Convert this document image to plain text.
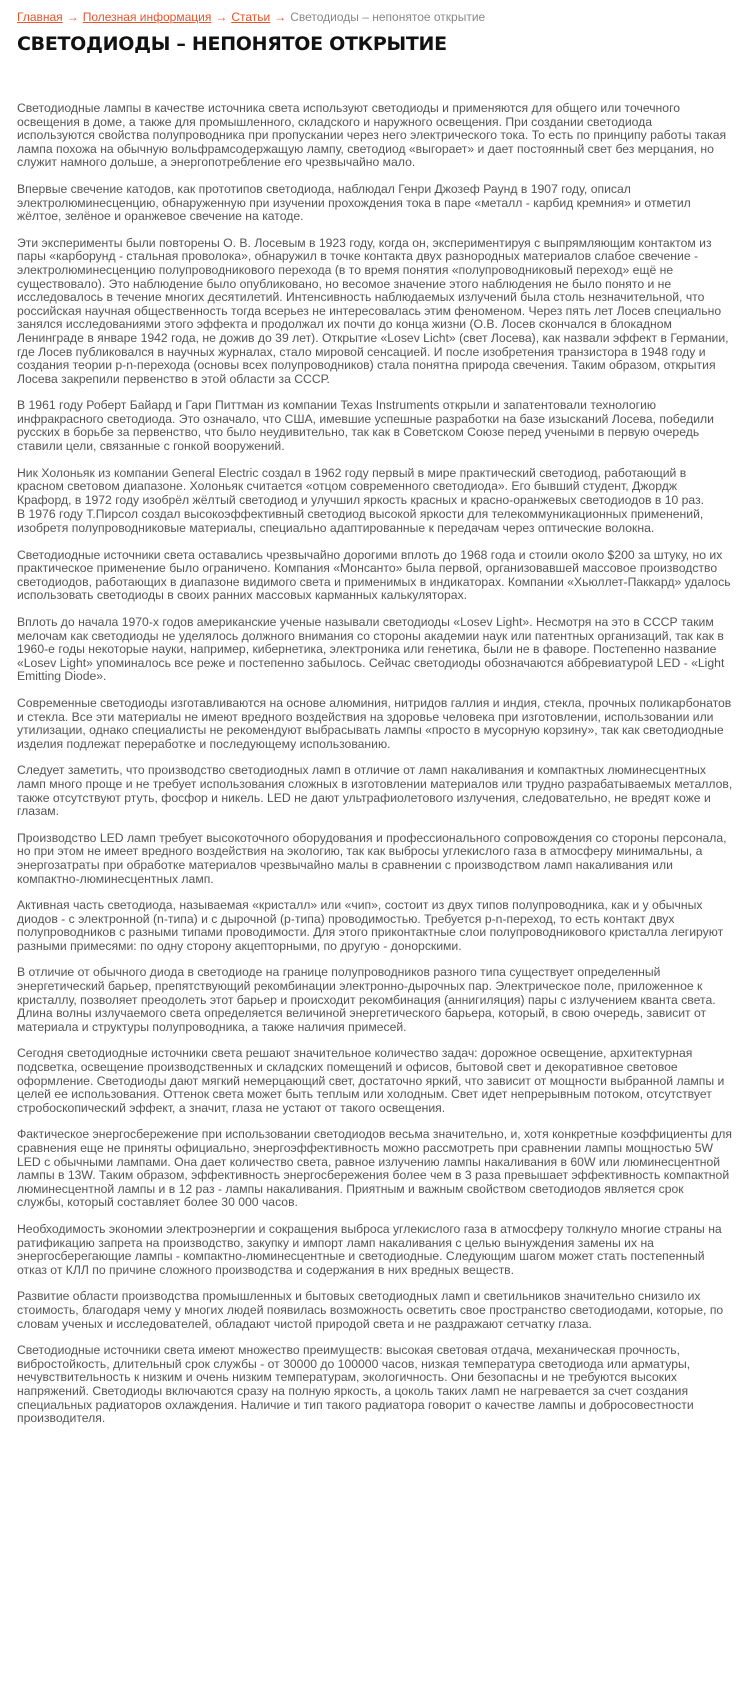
Главная → Полезная информация → Статьи → Светодиоды – непонятое открытие
СВЕТОДИОДЫ – НЕПОНЯТОЕ ОТКРЫТИЕ

Светодиодные лампы в качестве источника света используют светодиоды и применяются для общего или точечного освещения в доме, а также для промышленного, складского и наружного освещения. При создании светодиода используются свойства полупроводника при пропускании через него электрического тока. То есть по принципу работы такая лампа похожа на обычную вольфрамсодержащую лампу, светодиод «выгорает» и дает постоянный свет без мерцания, но служит намного дольше, а энергопотребление его чрезвычайно мало.

Впервые свечение катодов, как прототипов светодиода, наблюдал Генри Джозеф Раунд в 1907 году, описал электролюминесценцию, обнаруженную при изучении прохождения тока в паре «металл - карбид кремния» и отметил жёлтое, зелёное и оранжевое свечение на катоде.

Эти эксперименты были повторены О. В. Лосевым в 1923 году, когда он, экспериментируя с выпрямляющим контактом из пары «карборунд - стальная проволока», обнаружил в точке контакта двух разнородных материалов слабое свечение - электролюминесценцию полупроводникового перехода (в то время понятия «полупроводниковый переход» ещё не существовало). Это наблюдение было опубликовано, но весомое значение этого наблюдения не было понято и не исследовалось в течение многих десятилетий. Интенсивность наблюдаемых излучений была столь незначительной, что российская научная общественность тогда всерьез не интересовалась этим феноменом. Через пять лет Лосев специально занялся исследованиями этого эффекта и продолжал их почти до конца жизни (О.В. Лосев скончался в блокадном Ленинграде в январе 1942 года, не дожив до 39 лет). Открытие «Losev Licht» (свет Лосева), как назвали эффект в Германии, где Лосев публиковался в научных журналах, стало мировой сенсацией. И после изобретения транзистора в 1948 году и создания теории p-n-перехода (основы всех полупроводников) стала понятна природа свечения. Таким образом, открытия Лосева закрепили первенство в этой области за СССР.

В 1961 году Роберт Байард и Гари Питтман из компании Texas Instruments открыли и запатентовали технологию инфракрасного светодиода. Это означало, что США, имевшие успешные разработки на базе изысканий Лосева, победили русских в борьбе за первенство, что было неудивительно, так как в Советском Союзе перед учеными в первую очередь ставили цели, связанные с гонкой вооружений.

Ник Холоньяк из компании General Electric создал в 1962 году первый в мире практический светодиод, работающий в красном световом диапазоне. Холоньяк считается «отцом современного светодиода». Его бывший студент, Джордж Крафорд, в 1972 году изобрёл жёлтый светодиод и улучшил яркость красных и красно-оранжевых светодиодов в 10 раз.

В 1976 году Т.Пирсол создал высокоэффективный светодиод высокой яркости для телекоммуникационных применений, изобретя полупроводниковые материалы, специально адаптированные к передачам через оптические волокна.

Светодиодные источники света оставались чрезвычайно дорогими вплоть до 1968 года и стоили около $200 за штуку, но их практическое применение было ограничено. Компания «Монсанто» была первой, организовавшей массовое производство светодиодов, работающих в диапазоне видимого света и применимых в индикаторах. Компании «Хьюллет-Паккард» удалось использовать светодиоды в своих ранних массовых карманных калькуляторах.

Вплоть до начала 1970-х годов американские ученые называли светодиоды «Losev Light». Несмотря на это в СССР таким мелочам как светодиоды не уделялось должного внимания со стороны академии наук или патентных организаций, так как в 1960-е годы некоторые науки, например, кибернетика, электроника или генетика, были не в фаворе. Постепенно название «Losev Light» упоминалось все реже и постепенно забылось. Сейчас светодиоды обозначаются аббревиатурой LED - «Light Emitting Diode».

Современные светодиоды изготавливаются на основе алюминия, нитридов галлия и индия, стекла, прочных поликарбонатов и стекла. Все эти материалы не имеют вредного воздействия на здоровье человека при изготовлении, использовании или утилизации, однако специалисты не рекомендуют выбрасывать лампы «просто в мусорную корзину», так как светодиодные изделия подлежат переработке и последующему использованию.

Следует заметить, что производство светодиодных ламп в отличие от ламп накаливания и компактных люминесцентных ламп много проще и не требует использования сложных в изготовлении материалов или трудно разрабатываемых металлов, также отсутствуют ртуть, фосфор и никель. LED не дают ультрафиолетового излучения, следовательно, не вредят коже и глазам.

Производство LED ламп требует высокоточного оборудования и профессионального сопровождения со стороны персонала, но при этом не имеет вредного воздействия на экологию, так как выбросы углекислого газа в атмосферу минимальны, а энергозатраты при обработке материалов чрезвычайно малы в сравнении с производством ламп накаливания или компактно-люминесцентных ламп.

Активная часть светодиода, называемая «кристалл» или «чип», состоит из двух типов полупроводника, как и у обычных диодов - с электронной (n-типа) и с дырочной (p-типа) проводимостью. Требуется p-n-переход, то есть контакт двух полупроводников с разными типами проводимости. Для этого приконтактные слои полупроводникового кристалла легируют разными примесями: по одну сторону акцепторными, по другую - донорскими.

В отличие от обычного диода в светодиоде на границе полупроводников разного типа существует определенный энергетический барьер, препятствующий рекомбинации электронно-дырочных пар. Электрическое поле, приложенное к кристаллу, позволяет преодолеть этот барьер и происходит рекомбинация (аннигиляция) пары с излучением кванта света. Длина волны излучаемого света определяется величиной энергетического барьера, который, в свою очередь, зависит от материала и структуры полупроводника, а также наличия примесей.

Сегодня светодиодные источники света решают значительное количество задач: дорожное освещение, архитектурная подсветка, освещение производственных и складских помещений и офисов, бытовой свет и декоративное световое оформление. Светодиоды дают мягкий немерцающий свет, достаточно яркий, что зависит от мощности выбранной лампы и целей ее использования. Оттенок света может быть теплым или холодным. Свет идет непрерывным потоком, отсутствует стробоскопический эффект, а значит, глаза не устают от такого освещения.

Фактическое энергосбережение при использовании светодиодов весьма значительно, и, хотя конкретные коэффициенты для сравнения еще не приняты официально, энергоэффективность можно рассмотреть при сравнении лампы мощностью 5W LED с обычными лампами. Она дает количество света, равное излучению лампы накаливания в 60W или люминесцентной лампы в 13W. Таким образом, эффективность энергосбережения более чем в 3 раза превышает эффективность компактной люминесцентной лампы и в 12 раз - лампы накаливания. Приятным и важным свойством светодиодов является срок службы, который составляет более 30 000 часов.

Необходимость экономии электроэнергии и сокращения выброса углекислого газа в атмосферу толкнуло многие страны на ратификацию запрета на производство, закупку и импорт ламп накаливания с целью вынуждения замены их на энергосберегающие лампы - компактно-люминесцентные и светодиодные. Следующим шагом может стать постепенный отказ от КЛЛ по причине сложного производства и содержания в них вредных веществ.

Развитие области производства промышленных и бытовых светодиодных ламп и светильников значительно снизило их стоимость, благодаря чему у многих людей появилась возможность осветить свое пространство светодиодами, которые, по словам ученых и исследователей, обладают чистой природой света и не раздражают сетчатку глаза.

Светодиодные источники света имеют множество преимуществ: высокая световая отдача, механическая прочность, вибростойкость, длительный срок службы - от 30000 до 100000 часов, низкая температура светодиода или арматуры, нечувствительность к низким и очень низким температурам, экологичность. Они безопасны и не требуются высоких напряжений. Светодиоды включаются сразу на полную яркость, а цоколь таких ламп не нагревается за счет создания специальных радиаторов охлаждения. Наличие и тип такого радиатора говорит о качестве лампы и добросовестности производителя.
